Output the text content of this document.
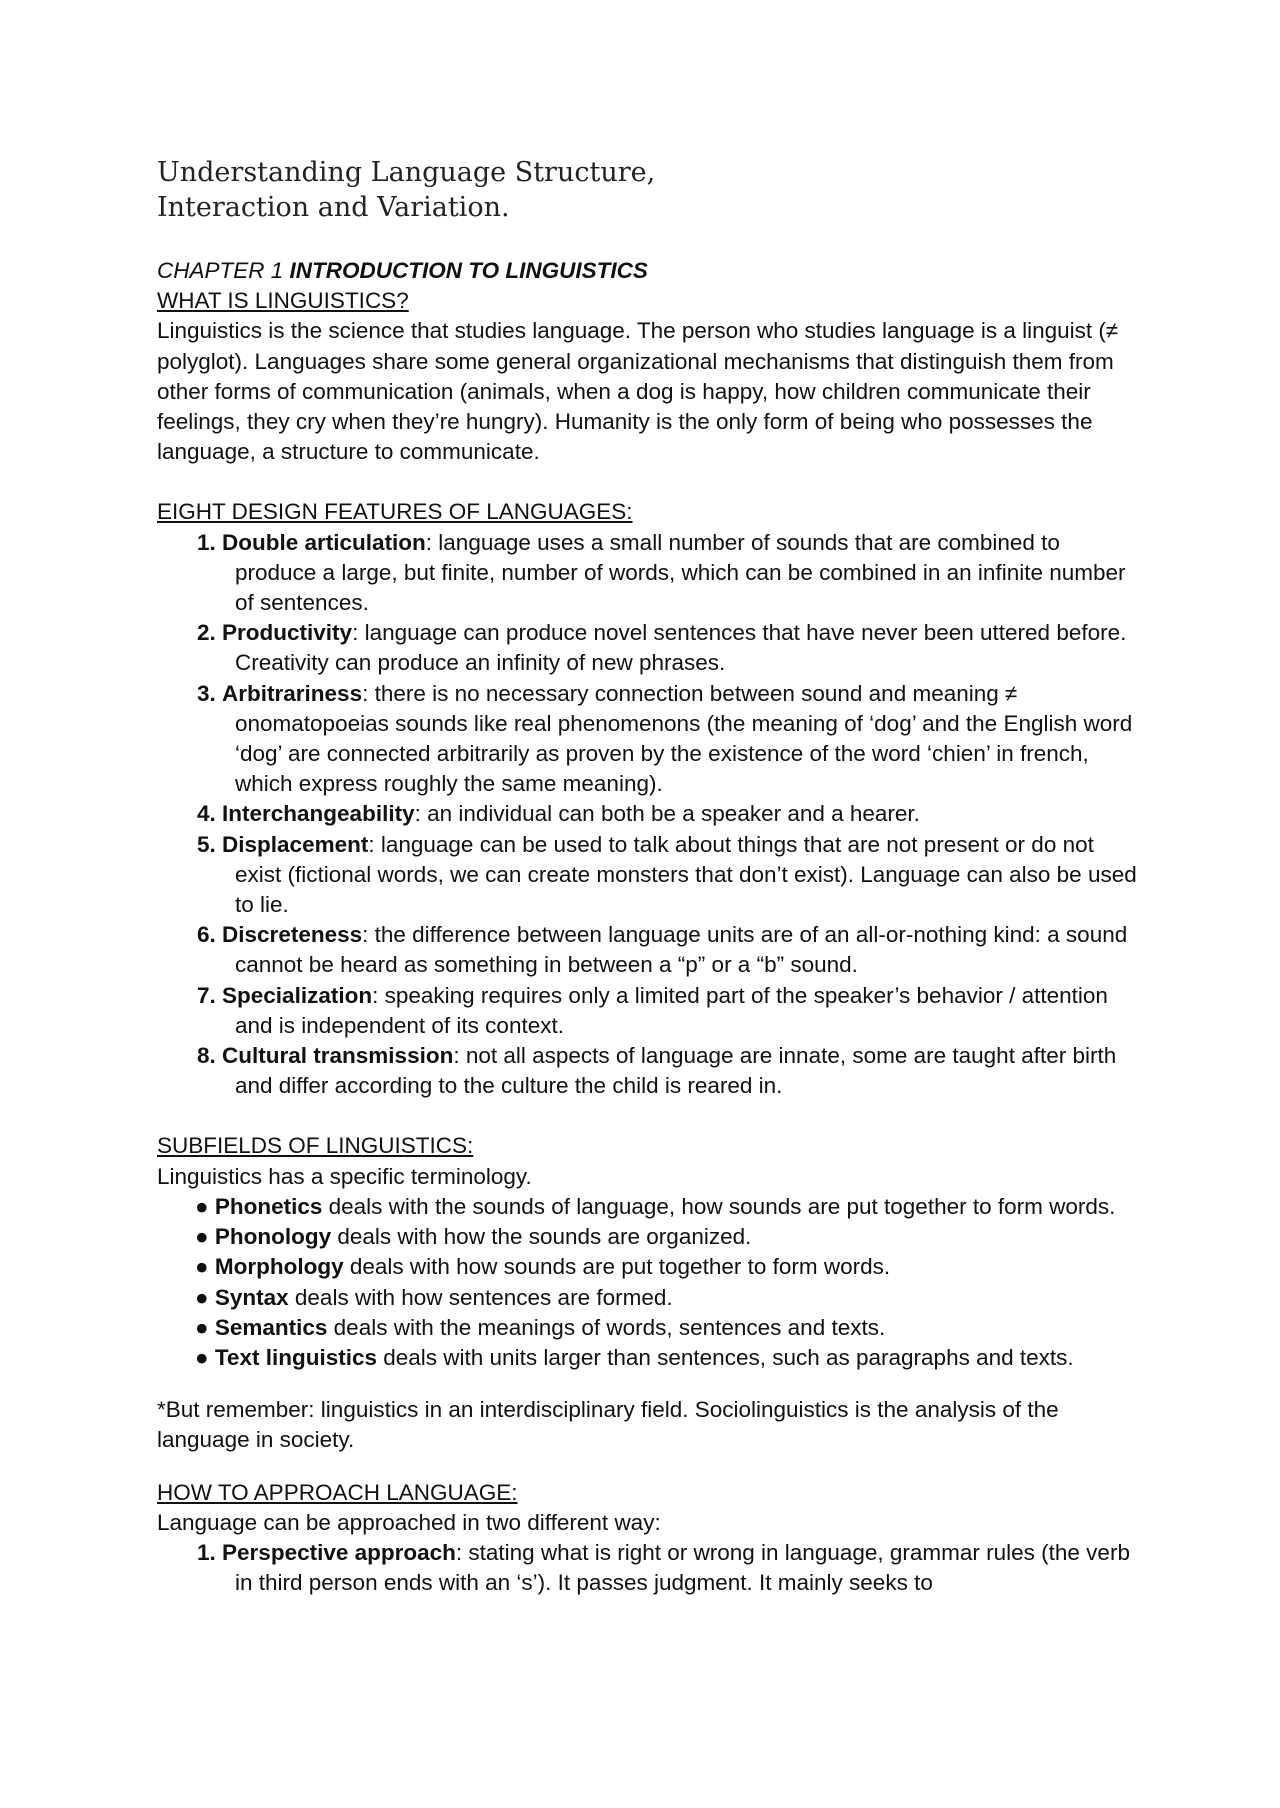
Understanding Language Structure,
Interaction and Variation.

CHAPTER 1 INTRODUCTION TO LINGUISTICS

WHAT IS LINGUISTICS?

Linguistics is the science that studies language. The person who studies language is a linguist (≠ polyglot). Languages share some general organizational mechanisms that distinguish them from other forms of communication (animals, when a dog is happy, how children communicate their feelings, they cry when they’re hungry). Humanity is the only form of being who possesses the language, a structure to communicate.

EIGHT DESIGN FEATURES OF LANGUAGES:

1. Double articulation: language uses a small number of sounds that are combined to produce a large, but finite, number of words, which can be combined in an infinite number of sentences.

2. Productivity: language can produce novel sentences that have never been uttered before. Creativity can produce an infinity of new phrases.

3. Arbitrariness: there is no necessary connection between sound and meaning ≠ onomatopoeias sounds like real phenomenons (the meaning of ‘dog’ and the English word ‘dog’ are connected arbitrarily as proven by the existence of the word ‘chien’ in french, which express roughly the same meaning).

4. Interchangeability: an individual can both be a speaker and a hearer.

5. Displacement: language can be used to talk about things that are not present or do not exist (fictional words, we can create monsters that don’t exist). Language can also be used to lie.

6. Discreteness: the difference between language units are of an all-or-nothing kind: a sound cannot be heard as something in between a “p” or a “b” sound.

7. Specialization: speaking requires only a limited part of the speaker’s behavior / attention and is independent of its context.

8. Cultural transmission: not all aspects of language are innate, some are taught after birth and differ according to the culture the child is reared in.

SUBFIELDS OF LINGUISTICS:

Linguistics has a specific terminology.

● Phonetics deals with the sounds of language, how sounds are put together to form words.

● Phonology deals with how the sounds are organized.

● Morphology deals with how sounds are put together to form words.

● Syntax deals with how sentences are formed.

● Semantics deals with the meanings of words, sentences and texts.

● Text linguistics deals with units larger than sentences, such as paragraphs and texts.

*But remember: linguistics in an interdisciplinary field. Sociolinguistics is the analysis of the language in society.

HOW TO APPROACH LANGUAGE:

Language can be approached in two different way:

1. Perspective approach: stating what is right or wrong in language, grammar rules (the verb in third person ends with an ‘s’). It passes judgment. It mainly seeks to
